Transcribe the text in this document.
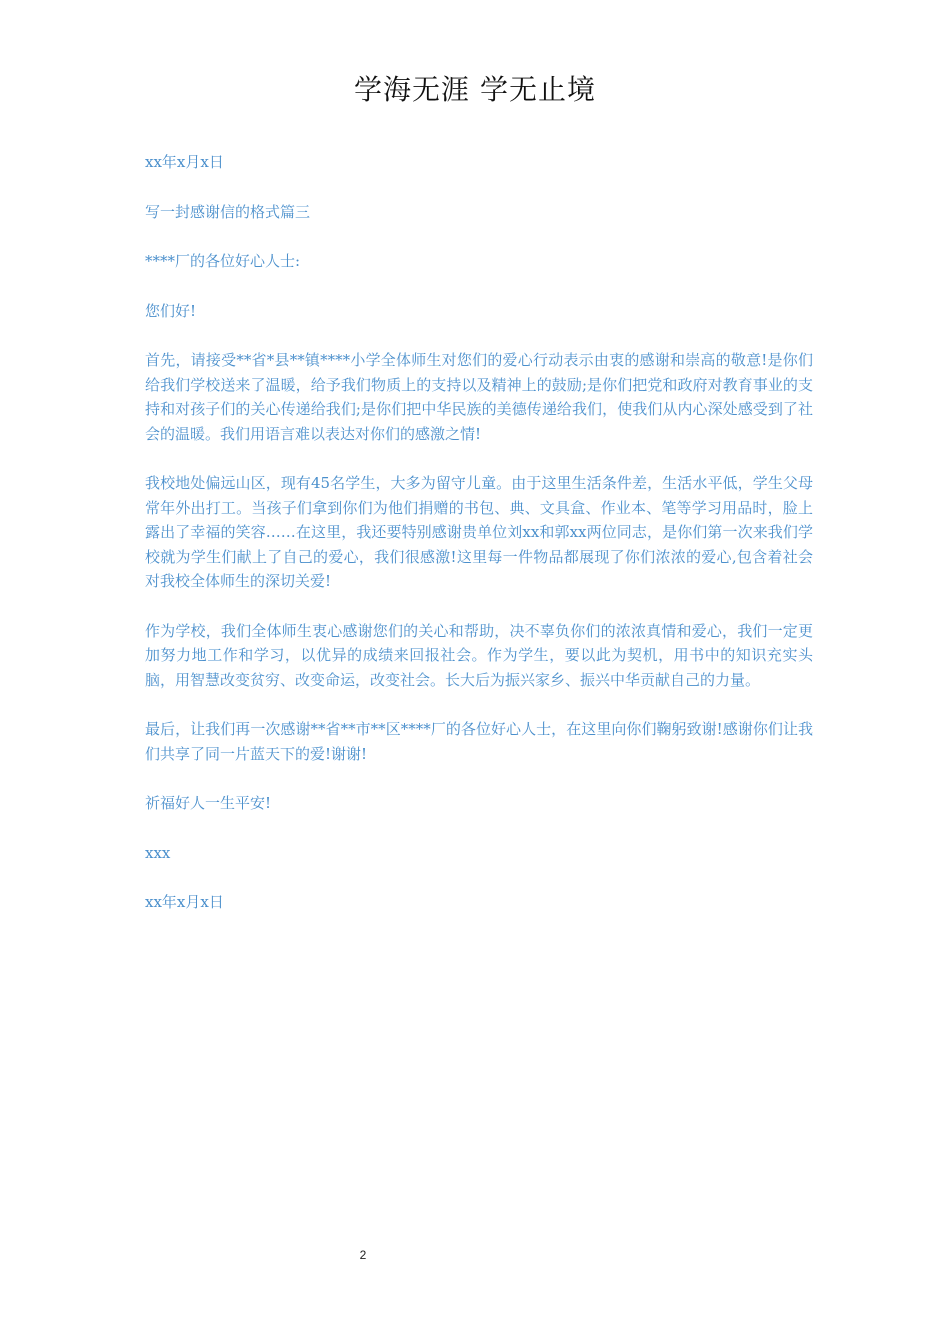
学海无涯 学无止境

xx年x月x日

写一封感谢信的格式篇三

****厂的各位好心人士:

您们好!

首先，请接受**省*县**镇****小学全体师生对您们的爱心行动表示由衷的感谢和崇高的敬意!是你们给我们学校送来了温暖，给予我们物质上的支持以及精神上的鼓励;是你们把党和政府对教育事业的支持和对孩子们的关心传递给我们;是你们把中华民族的美德传递给我们，使我们从内心深处感受到了社会的温暖。我们用语言难以表达对你们的感激之情!

我校地处偏远山区，现有45名学生，大多为留守儿童。由于这里生活条件差，生活水平低，学生父母常年外出打工。当孩子们拿到你们为他们捐赠的书包、典、文具盒、作业本、笔等学习用品时，脸上露出了幸福的笑容……在这里，我还要特别感谢贵单位刘xx和郭xx两位同志，是你们第一次来我们学校就为学生们献上了自己的爱心，我们很感激!这里每一件物品都展现了你们浓浓的爱心,包含着社会对我校全体师生的深切关爱!

作为学校，我们全体师生衷心感谢您们的关心和帮助，决不辜负你们的浓浓真情和爱心，我们一定更加努力地工作和学习，以优异的成绩来回报社会。作为学生，要以此为契机，用书中的知识充实头脑，用智慧改变贫穷、改变命运，改变社会。长大后为振兴家乡、振兴中华贡献自己的力量。

最后，让我们再一次感谢**省**市**区****厂的各位好心人士，在这里向你们鞠躬致谢!感谢你们让我们共享了同一片蓝天下的爱!谢谢!

祈福好人一生平安!

xxx

xx年x月x日

2
